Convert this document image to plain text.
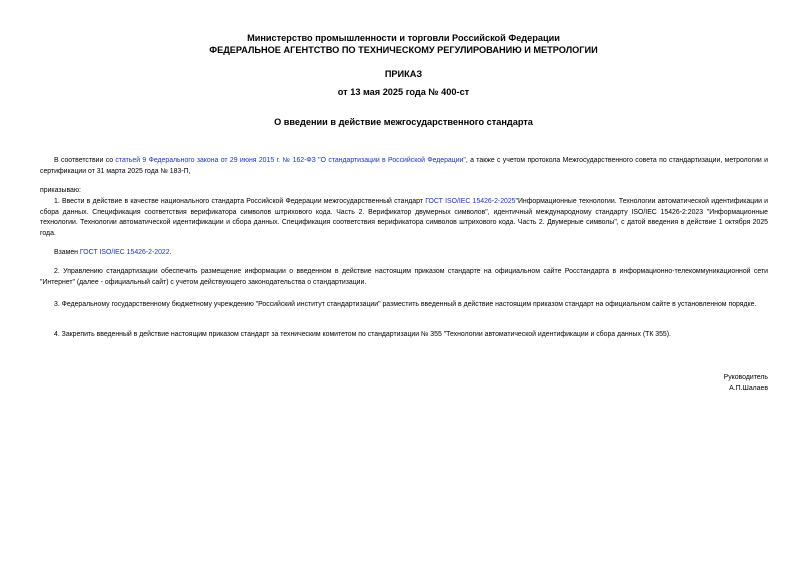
Министерство промышленности и торговли Российской Федерации
ФЕДЕРАЛЬНОЕ АГЕНТСТВО ПО ТЕХНИЧЕСКОМУ РЕГУЛИРОВАНИЮ И МЕТРОЛОГИИ
ПРИКАЗ
от 13 мая 2025 года № 400-ст
О введении в действие межгосударственного стандарта
В соответствии со статьей 9 Федерального закона от 29 июня 2015 г. № 162-ФЗ "О стандартизации в Российской Федерации", а также с учетом протокола Межгосударственного совета по стандартизации, метрологии и сертификации от 31 марта 2025 года № 183-П,
приказываю:
1. Ввести в действие в качестве национального стандарта Российской Федерации межгосударственный стандарт ГОСТ ISO/IEC 15426-2-2025"Информационные технологии. Технологии автоматической идентификации и сбора данных. Спецификация соответствия верификатора символов штрихового кода. Часть 2. Верификатор двумерных символов", идентичный международному стандарту ISO/IEC 15426-2:2023 "Информационные технологии. Технологии автоматической идентификации и сбора данных. Спецификация соответствия верификатора символов штрихового кода. Часть 2. Двумерные символы", с датой введения в действие 1 октября 2025 года.
Взамен ГОСТ ISO/IEC 15426-2-2022.
2. Управлению стандартизации обеспечить размещение информации о введенном в действие настоящим приказом стандарте на официальном сайте Росстандарта в информационно-телекоммуникационной сети "Интернет" (далее - официальный сайт) с учетом действующего законодательства о стандартизации.
3. Федеральному государственному бюджетному учреждению "Российский институт стандартизации" разместить введенный в действие настоящим приказом стандарт на официальном сайте в установленном порядке.
4. Закрепить введенный в действие настоящим приказом стандарт за техническим комитетом по стандартизации № 355 "Технологии автоматической идентификации и сбора данных (ТК 355).
Руководитель
А.П.Шалаев
